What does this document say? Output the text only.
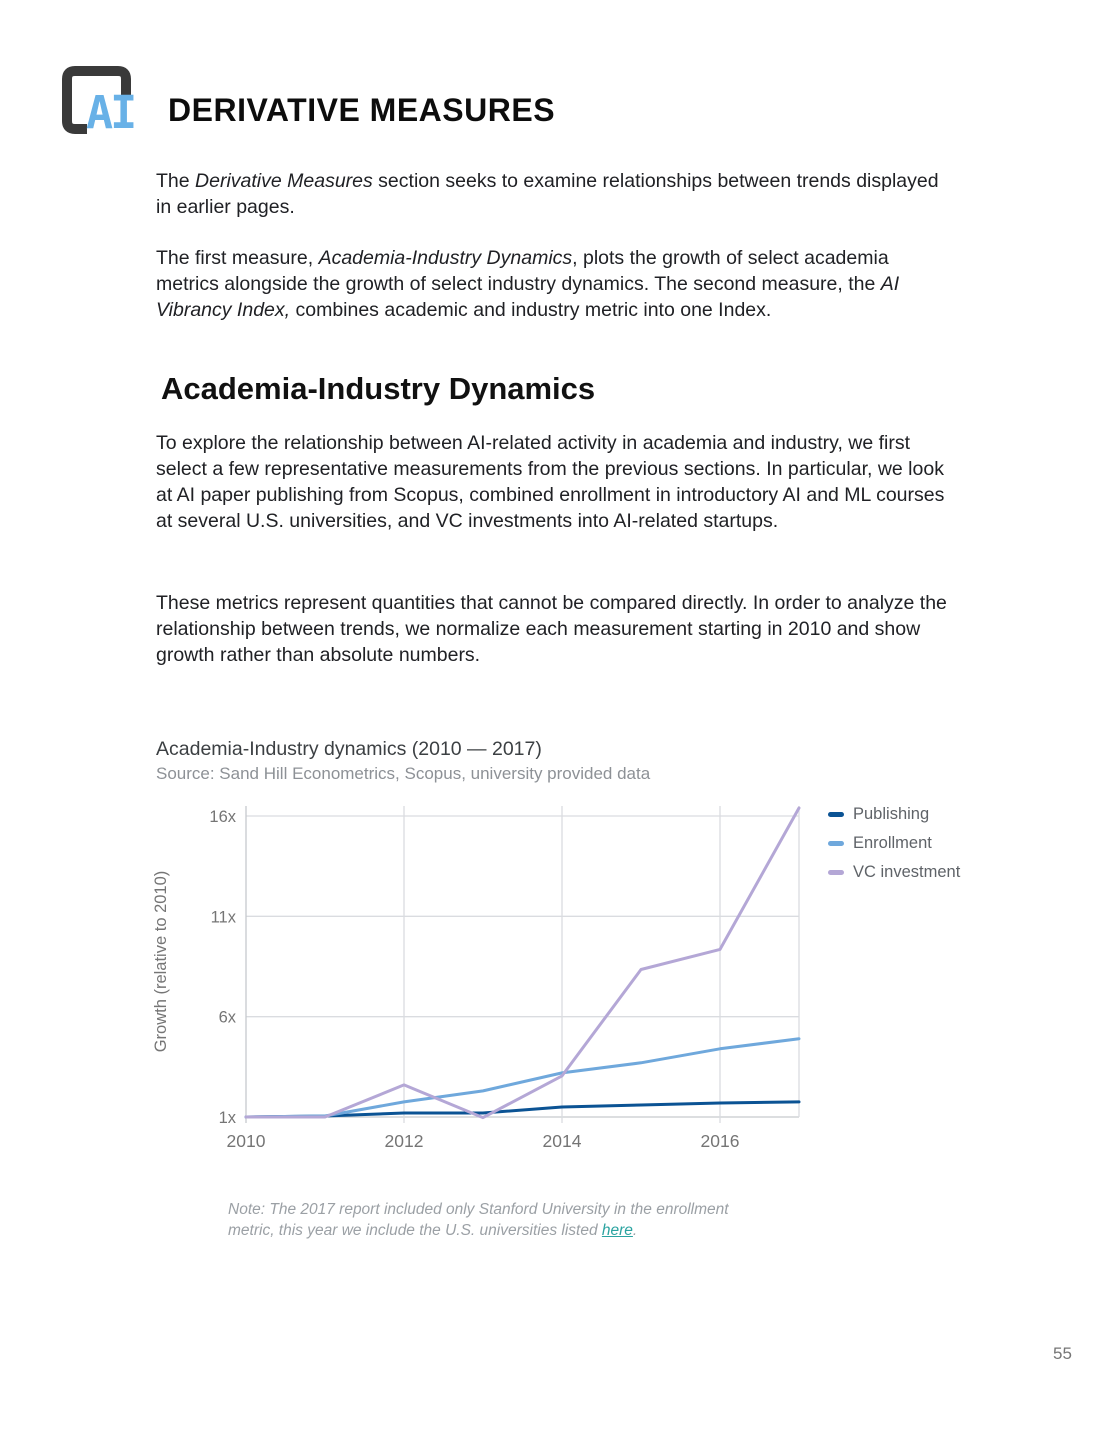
AI DERIVATIVE MEASURES

The Derivative Measures section seeks to examine relationships between trends displayed in earlier pages.

The first measure, Academia-Industry Dynamics, plots the growth of select academia metrics alongside the growth of select industry dynamics. The second measure, the AI Vibrancy Index, combines academic and industry metric into one Index.

Academia-Industry Dynamics

To explore the relationship between AI-related activity in academia and industry, we first select a few representative measurements from the previous sections. In particular, we look at AI paper publishing from Scopus, combined enrollment in introductory AI and ML courses at several U.S. universities, and VC investments into AI-related startups.

These metrics represent quantities that cannot be compared directly. In order to analyze the relationship between trends, we normalize each measurement starting in 2010 and show growth rather than absolute numbers.

Academia-Industry dynamics (2010 — 2017)
Source: Sand Hill Econometrics, Scopus, university provided data
1x
6x
11x
16x
2010	2012	2014	2016
Growth (relative to 2010)
Publishing
Enrollment
VC investment

Note: The 2017 report included only Stanford University in the enrollment metric, this year we include the U.S. universities listed here.

55
